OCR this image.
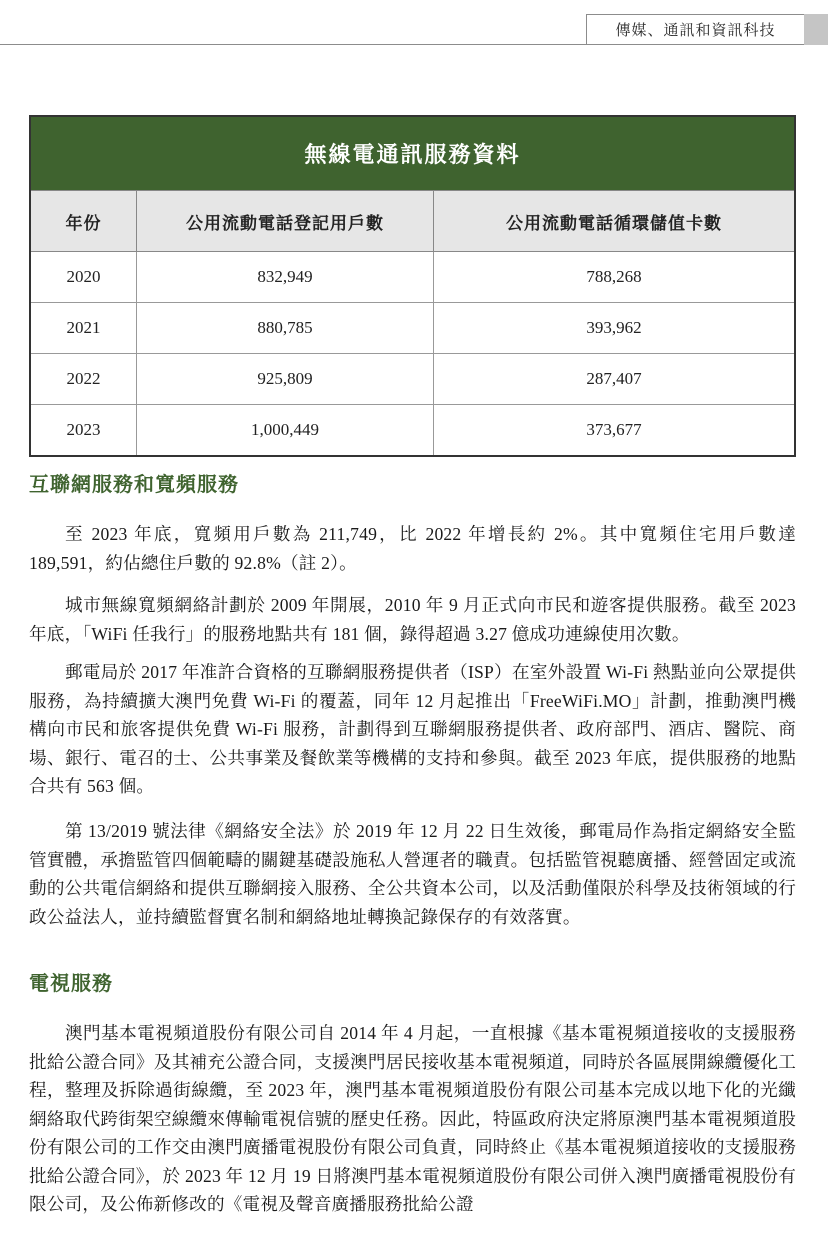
傳媒、通訊和資訊科技
無線電通訊服務資料		
年份	公用流動電話登記用戶數	公用流動電話循環儲值卡數
2020	832,949	788,268
2021	880,785	393,962
2022	925,809	287,407
2023	1,000,449	373,677
互聯網服務和寬頻服務

至 2023 年底，寬頻用戶數為 211,749，比 2022 年增長約 2%。其中寬頻住宅用戶數達 189,591，約佔總住戶數的 92.8%（註 2）。

城市無線寬頻網絡計劃於 2009 年開展，2010 年 9 月正式向市民和遊客提供服務。截至 2023 年底，「WiFi 任我行」的服務地點共有 181 個，錄得超過 3.27 億成功連線使用次數。

郵電局於 2017 年准許合資格的互聯網服務提供者（ISP）在室外設置 Wi-Fi 熱點並向公眾提供服務，為持續擴大澳門免費 Wi-Fi 的覆蓋，同年 12 月起推出「FreeWiFi.MO」計劃，推動澳門機構向市民和旅客提供免費 Wi-Fi 服務，計劃得到互聯網服務提供者、政府部門、酒店、醫院、商場、銀行、電召的士、公共事業及餐飲業等機構的支持和參與。截至 2023 年底，提供服務的地點合共有 563 個。

第 13/2019 號法律《網絡安全法》於 2019 年 12 月 22 日生效後，郵電局作為指定網絡安全監管實體，承擔監管四個範疇的關鍵基礎設施私人營運者的職責。包括監管視聽廣播、經營固定或流動的公共電信網絡和提供互聯網接入服務、全公共資本公司，以及活動僅限於科學及技術領域的行政公益法人，並持續監督實名制和網絡地址轉換記錄保存的有效落實。

電視服務

澳門基本電視頻道股份有限公司自 2014 年 4 月起，一直根據《基本電視頻道接收的支援服務批給公證合同》及其補充公證合同，支援澳門居民接收基本電視頻道，同時於各區展開線纜優化工程，整理及拆除過街線纜，至 2023 年，澳門基本電視頻道股份有限公司基本完成以地下化的光纖網絡取代跨街架空線纜來傳輸電視信號的歷史任務。因此，特區政府決定將原澳門基本電視頻道股份有限公司的工作交由澳門廣播電視股份有限公司負責，同時終止《基本電視頻道接收的支援服務批給公證合同》，於 2023 年 12 月 19 日將澳門基本電視頻道股份有限公司併入澳門廣播電視股份有限公司，及公佈新修改的《電視及聲音廣播服務批給公證
